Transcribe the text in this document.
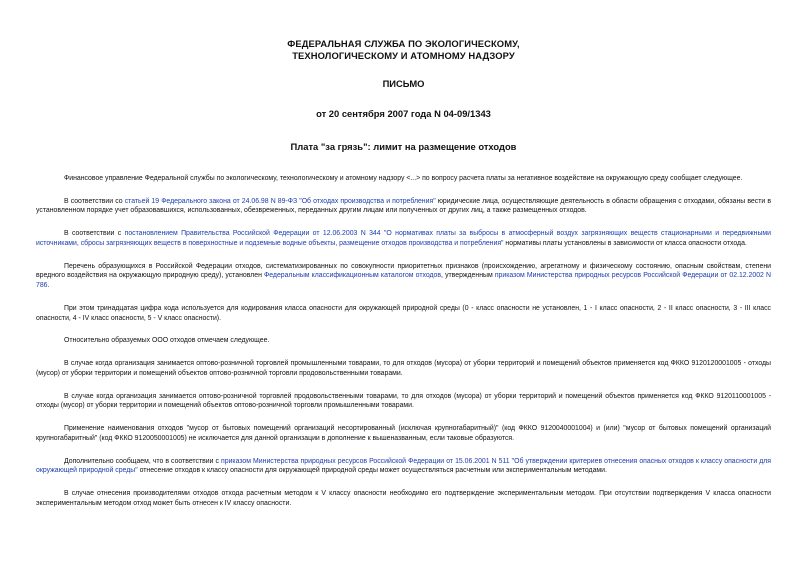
ФЕДЕРАЛЬНАЯ СЛУЖБА ПО ЭКОЛОГИЧЕСКОМУ,

ТЕХНОЛОГИЧЕСКОМУ И АТОМНОМУ НАДЗОРУ

ПИСЬМО
от 20 сентября 2007 года N 04-09/1343
Плата "за грязь": лимит на размещение отходов

Финансовое управление Федеральной службы по экологическому, технологическому и атомному надзору <...> по вопросу расчета платы за негативное воздействие на окружающую среду сообщает следующее.

В соответствии со статьей 19 Федерального закона от 24.06.98 N 89-ФЗ "Об отходах производства и потребления" юридические лица, осуществляющие деятельность в области обращения с отходами, обязаны вести в установленном порядке учет образовавшихся, использованных, обезвреженных, переданных другим лицам или полученных от других лиц, а также размещенных отходов.

В соответствии с постановлением Правительства Российской Федерации от 12.06.2003 N 344 "О нормативах платы за выбросы в атмосферный воздух загрязняющих веществ стационарными и передвижными источниками, сбросы загрязняющих веществ в поверхностные и подземные водные объекты, размещение отходов производства и потребления" нормативы платы установлены в зависимости от класса опасности отхода.

Перечень образующихся в Российской Федерации отходов, систематизированных по совокупности приоритетных признаков (происхождению, агрегатному и физическому состоянию, опасным свойствам, степени вредного воздействия на окружающую природную среду), установлен Федеральным классификационным каталогом отходов, утвержденным приказом Министерства природных ресурсов Российской Федерации от 02.12.2002 N 786.

При этом тринадцатая цифра кода используется для кодирования класса опасности для окружающей природной среды (0 - класс опасности не установлен, 1 - I класс опасности, 2 - II класс опасности, 3 - III класс опасности, 4 - IV класс опасности, 5 - V класс опасности).

Относительно образуемых ООО отходов отмечаем следующее.

В случае когда организация занимается оптово-розничной торговлей промышленными товарами, то для отходов (мусора) от уборки территорий и помещений объектов применяется код ФККО 9120120001005 - отходы (мусор) от уборки территории и помещений объектов оптово-розничной торговли продовольственными товарами.

В случае когда организация занимается оптово-розничной торговлей продовольственными товарами, то для отходов (мусора) от уборки территорий и помещений объектов применяется код ФККО 9120110001005 - отходы (мусор) от уборки территории и помещений объектов оптово-розничной торговли промышленными товарами.

Применение наименования отходов "мусор от бытовых помещений организаций несортированный (исключая крупногабаритный)" (код ФККО 9120040001004) и (или) "мусор от бытовых помещений организаций крупногабаритный" (код ФККО 9120050001005) не исключается для данной организации в дополнение к вышеназванным, если таковые образуются.

Дополнительно сообщаем, что в соответствии с приказом Министерства природных ресурсов Российской Федерации от 15.06.2001 N 511 "Об утверждении критериев отнесения опасных отходов к классу опасности для окружающей природной среды" отнесение отходов к классу опасности для окружающей природной среды может осуществляться расчетным или экспериментальным методами.

В случае отнесения производителями отходов отхода расчетным методом к V классу опасности необходимо его подтверждение экспериментальным методом. При отсутствии подтверждения V класса опасности экспериментальным методом отход может быть отнесен к IV классу опасности.
